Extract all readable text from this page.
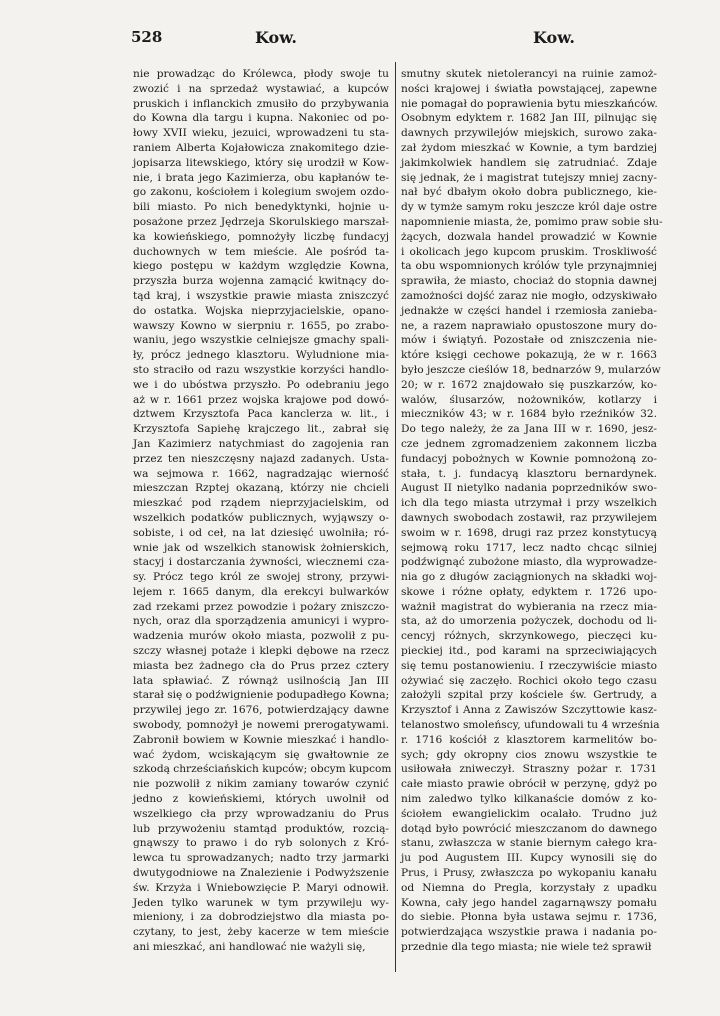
528	Kow.	Kow.

nie prowadząc do Królewca, płody swoje tu

zwozić i na sprzedaż wystawiać, a kupców

pruskich i inflanckich zmusiło do przybywania

do Kowna dla targu i kupna. Nakoniec od po-

łowy XVII wieku, jezuici, wprowadzeni tu sta-

raniem Alberta Kojałowicza znakomitego dzie-

jopisarza litewskiego, który się urodził w Kow-

nie, i brata jego Kazimierza, obu kapłanów te-

go zakonu, kościołem i kolegium swojem ozdo-

bili miasto. Po nich benedyktynki, hojnie u-

posażone przez Jędrzeja Skorulskiego marszał-

ka kowieńskiego, pomnożyły liczbę fundacyj

duchownych w tem mieście. Ale pośród ta-

kiego postępu w każdym względzie Kowna,

przyszła burza wojenna zamącić kwitnący do-

tąd kraj, i wszystkie prawie miasta zniszczyć

do ostatka. Wojska nieprzyjacielskie, opano-

wawszy Kowno w sierpniu r. 1655, po zrabo-

waniu, jego wszystkie celniejsze gmachy spali-

ły, prócz jednego klasztoru. Wyludnione mia-

sto straciło od razu wszystkie korzyści handlo-

we i do ubóstwa przyszło. Po odebraniu jego

aż w r. 1661 przez wojska krajowe pod dowó-

dztwem Krzysztofa Paca kanclerza w. lit., i

Krzysztofa Sapiehę krajczego lit., zabrał się

Jan Kazimierz natychmiast do zagojenia ran

przez ten nieszczęsny najazd zadanych. Usta-

wa sejmowa r. 1662, nagradzając wierność

mieszczan Rzptej okazaną, którzy nie chcieli

mieszkać pod rządem nieprzyjacielskim, od

wszelkich podatków publicznych, wyjąwszy o-

sobiste, i od ceł, na lat dziesięć uwolniła; ró-

wnie jak od wszelkich stanowisk żołnierskich,

stacyj i dostarczania żywności, wiecznemi cza-

sy. Prócz tego król ze swojej strony, przywi-

lejem r. 1665 danym, dla erekcyi bulwarków

zad rzekami przez powodzie i pożary zniszczo-

nych, oraz dla sporządzenia amunicyi i wypro-

wadzenia murów około miasta, pozwolił z pu-

szczy własnej potaże i klepki dębowe na rzecz

miasta bez żadnego cła do Prus przez cztery

lata spławiać. Z równąż usilnością Jan III

starał się o podźwignienie podupadłego Kowna;

przywilej jego zr. 1676, potwierdzający dawne

swobody, pomnożył je nowemi prerogatywami.

Zabronił bowiem w Kownie mieszkać i handlo-

wać żydom, wciskającym się gwałtownie ze

szkodą chrześciańskich kupców; obcym kupcom

nie pozwolił z nikim zamiany towarów czynić

jedno z kowieńskiemi, których uwolnił od

wszelkiego cła przy wprowadzaniu do Prus

lub przywożeniu stamtąd produktów, rozcią-

gnąwszy to prawo i do ryb solonych z Kró-

lewca tu sprowadzanych; nadto trzy jarmarki

dwutygodniowe na Znalezienie i Podwyższenie

św. Krzyża i Wniebowzięcie P. Maryi odnowił.

Jeden tylko warunek w tym przywileju wy-

mieniony, i za dobrodziejstwo dla miasta po-

czytany, to jest, żeby kacerze w tem mieście

ani mieszkać, ani handlować nie ważyli się,

smutny skutek nietolerancyi na ruinie zamoż-

ności krajowej i światła powstającej, zapewne

nie pomagał do poprawienia bytu mieszkańców.

Osobnym edyktem r. 1682 Jan III, pilnując się

dawnych przywilejów miejskich, surowo zaka-

zał żydom mieszkać w Kownie, a tym bardziej

jakimkolwiek handlem się zatrudniać. Zdaje

się jednak, że i magistrat tutejszy mniej zacny-

nał być dbałym około dobra publicznego, kie-

dy w tymże samym roku jeszcze król daje ostre

napomnienie miasta, że, pomimo praw sobie słu-

żących, dozwala handel prowadzić w Kownie

i okolicach jego kupcom pruskim. Troskliwość

ta obu wspomnionych królów tyle przynajmniej

sprawiła, że miasto, chociaż do stopnia dawnej

zamożności dojść zaraz nie mogło, odzyskiwało

jednakże w części handel i rzemiosła zanieba-

ne, a razem naprawiało opustoszone mury do-

mów i świątyń. Pozostałe od zniszczenia nie-

które księgi cechowe pokazują, że w r. 1663

było jeszcze cieślów 18, bednarzów 9, mularzów

20; w r. 1672 znajdowało się puszkarzów, ko-

walów, ślusarzów, nożowników, kotlarzy i

mieczników 43; w r. 1684 było rzeźników 32.

Do tego należy, że za Jana III w r. 1690, jesz-

cze jednem zgromadzeniem zakonnem liczba

fundacyj pobożnych w Kownie pomnożoną zo-

stała, t. j. fundacyą klasztoru bernardynek.

August II nietylko nadania poprzedników swo-

ich dla tego miasta utrzymał i przy wszelkich

dawnych swobodach zostawił, raz przywilejem

swoim w r. 1698, drugi raz przez konstytucyą

sejmową roku 1717, lecz nadto chcąc silniej

podźwignąć zubożone miasto, dla wyprowadze-

nia go z długów zaciągnionych na składki woj-

skowe i różne opłaty, edyktem r. 1726 upo-

ważnił magistrat do wybierania na rzecz mia-

sta, aż do umorzenia pożyczek, dochodu od li-

cencyj różnych, skrzynkowego, pieczęci ku-

pieckiej itd., pod karami na sprzeciwiających

się temu postanowieniu. I rzeczywiście miasto

ożywiać się zaczęło. Rochici około tego czasu

założyli szpital przy kościele św. Gertrudy, a

Krzysztof i Anna z Zawiszów Szczyttowie kasz-

telanostwo smoleńscy, ufundowali tu 4 września

r. 1716 kościół z klasztorem karmelitów bo-

sych; gdy okropny cios znowu wszystkie te

usiłowała zniweczył. Straszny pożar r. 1731

całe miasto prawie obrócił w perzynę, gdyż po

nim zaledwo tylko kilkanaście domów z ko-

ściołem ewangielickim ocalało. Trudno już

dotąd było powrócić mieszczanom do dawnego

stanu, zwłaszcza w stanie biernym całego kra-

ju pod Augustem III. Kupcy wynosili się do

Prus, i Prusy, zwłaszcza po wykopaniu kanału

od Niemna do Pregla, korzystały z upadku

Kowna, cały jego handel zagarnąwszy pomału

do siebie. Płonna była ustawa sejmu r. 1736,

potwierdzająca wszystkie prawa i nadania po-

przednie dla tego miasta; nie wiele też sprawił
